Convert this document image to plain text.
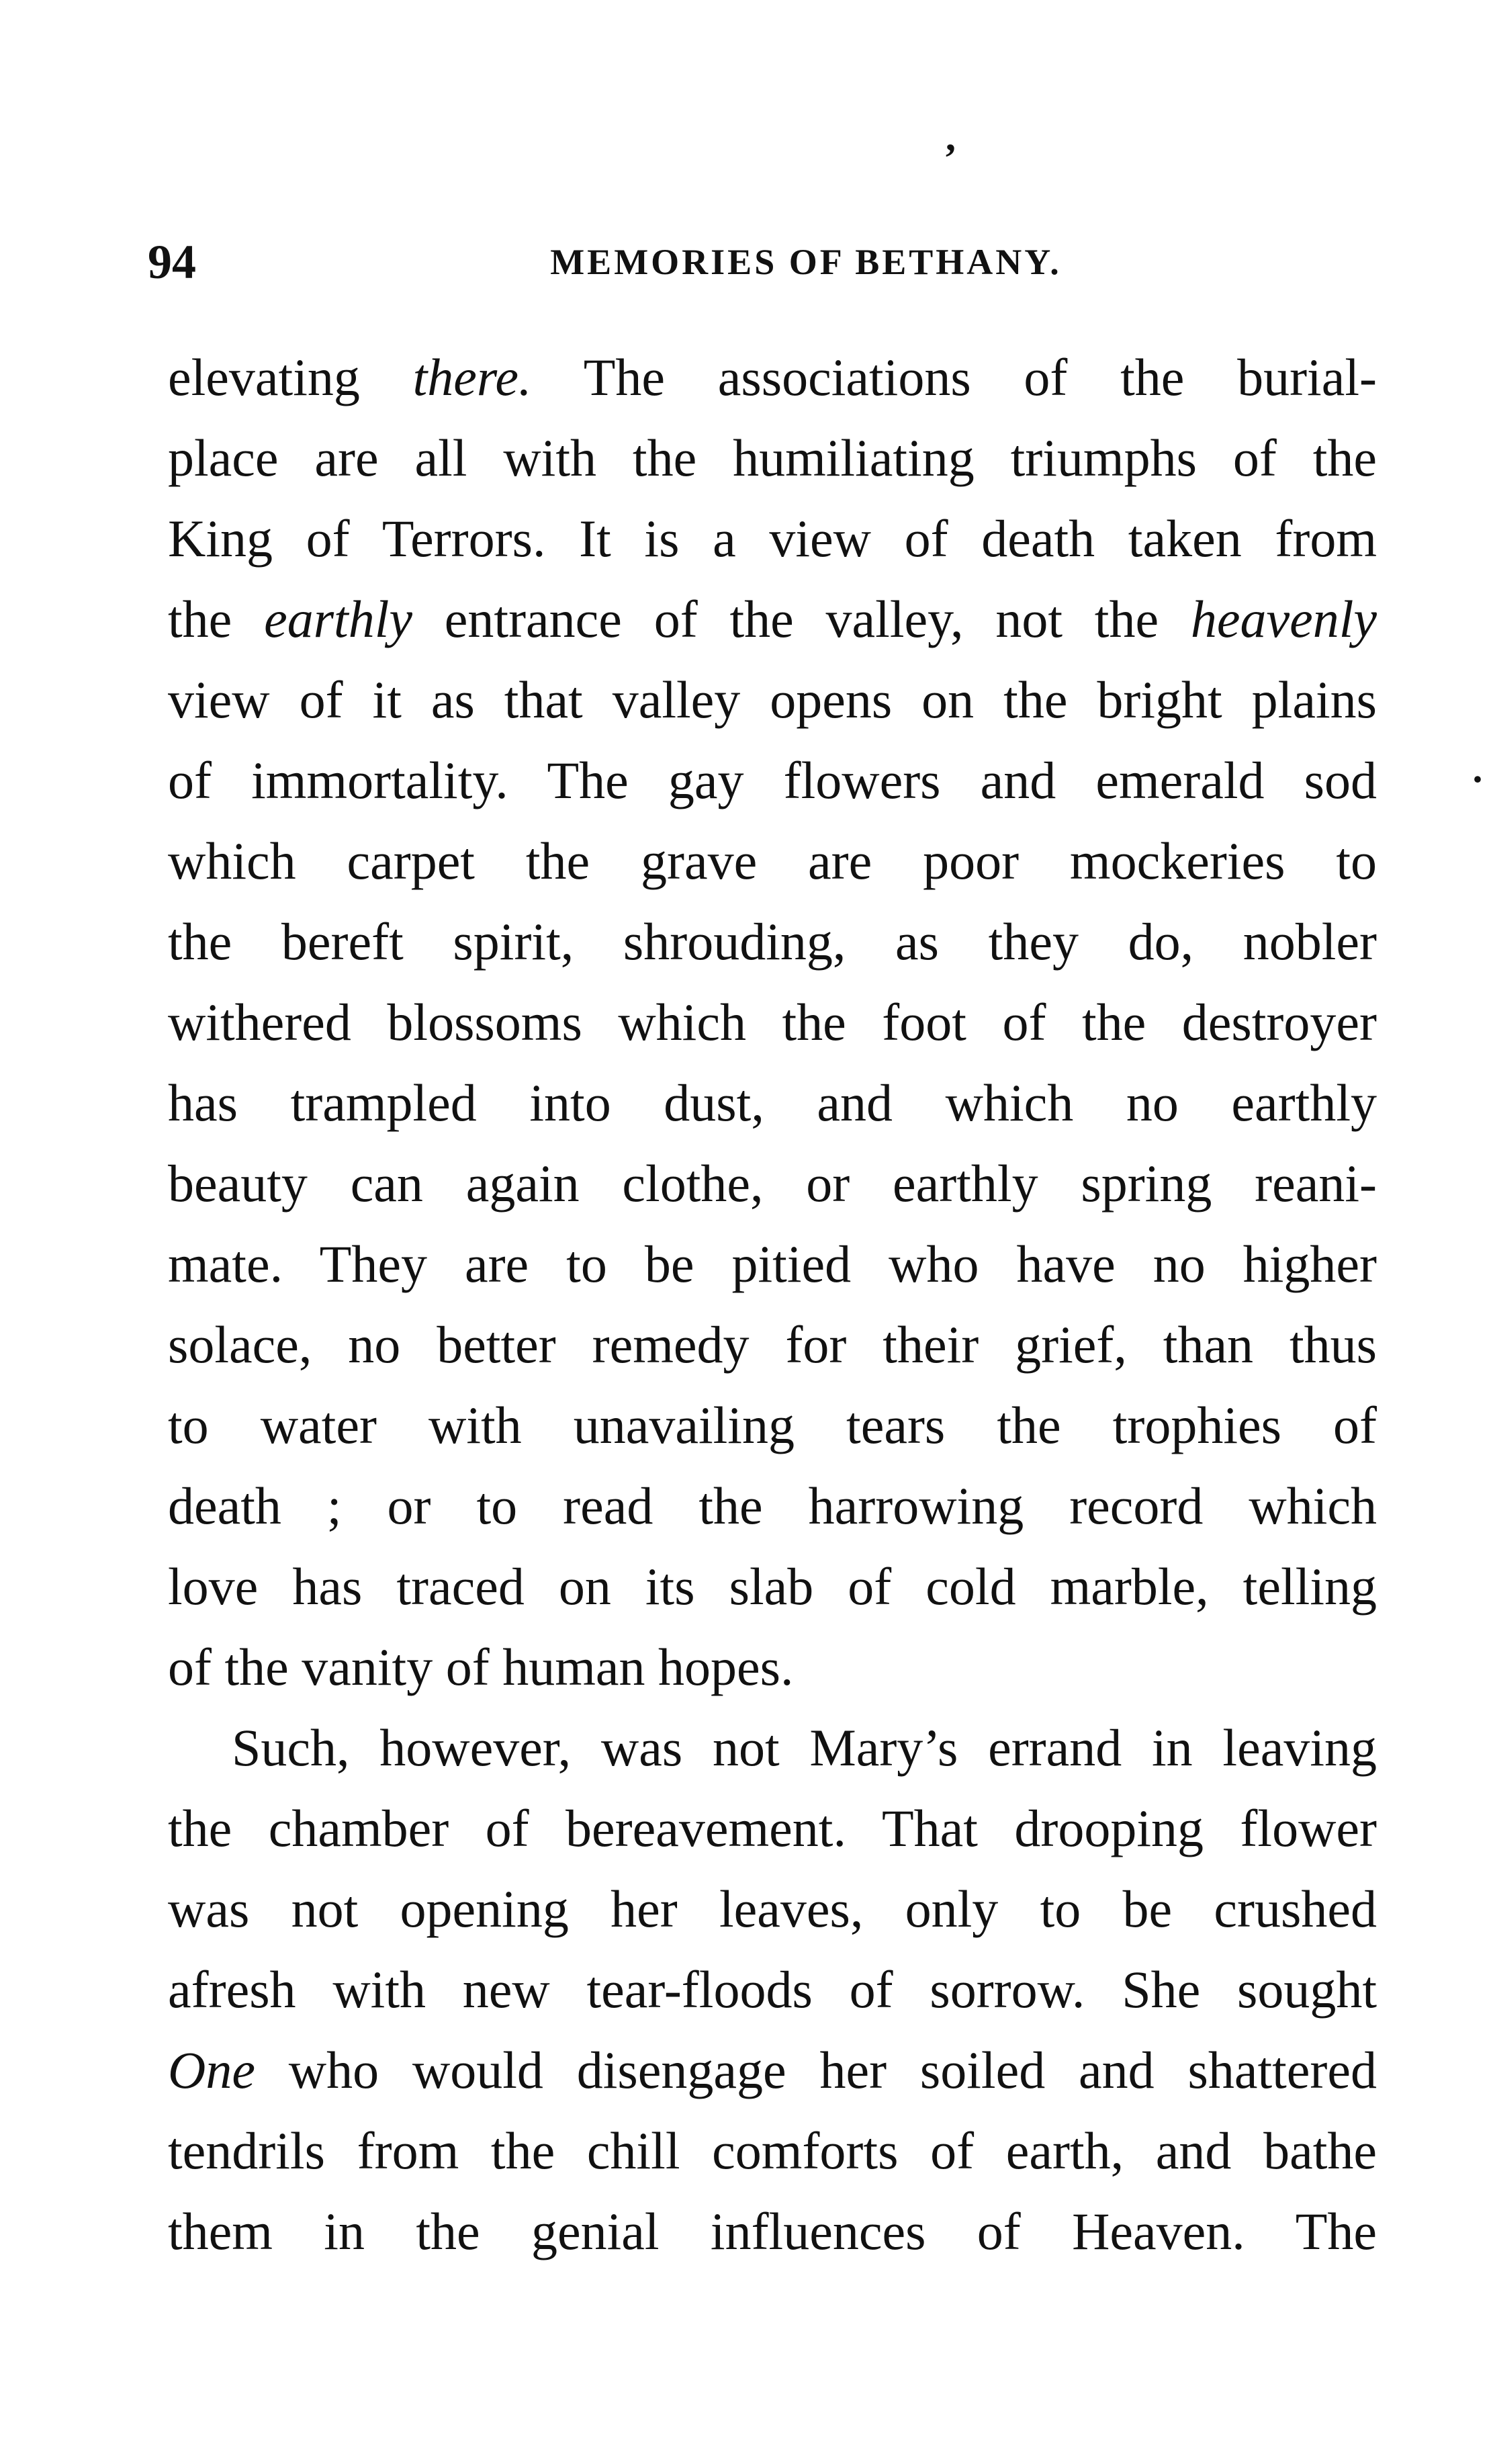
’
·
94	MEMORIES OF BETHANY.
elevating there. The associations of the burial-
place are all with the humiliating triumphs of the
King of Terrors. It is a view of death taken from
the earthly entrance of the valley, not the heavenly
view of it as that valley opens on the bright plains
of immortality. The gay flowers and emerald sod
which carpet the grave are poor mockeries to
the bereft spirit, shrouding, as they do, nobler
withered blossoms which the foot of the destroyer
has trampled into dust, and which no earthly
beauty can again clothe, or earthly spring reani-
mate. They are to be pitied who have no higher
solace, no better remedy for their grief, than thus
to water with unavailing tears the trophies of
death ; or to read the harrowing record which
love has traced on its slab of cold marble, telling
of the vanity of human hopes.
Such, however, was not Mary’s errand in leaving
the chamber of bereavement. That drooping flower
was not opening her leaves, only to be crushed
afresh with new tear-floods of sorrow. She sought
One who would disengage her soiled and shattered
tendrils from the chill comforts of earth, and bathe
them in the genial influences of Heaven. The
